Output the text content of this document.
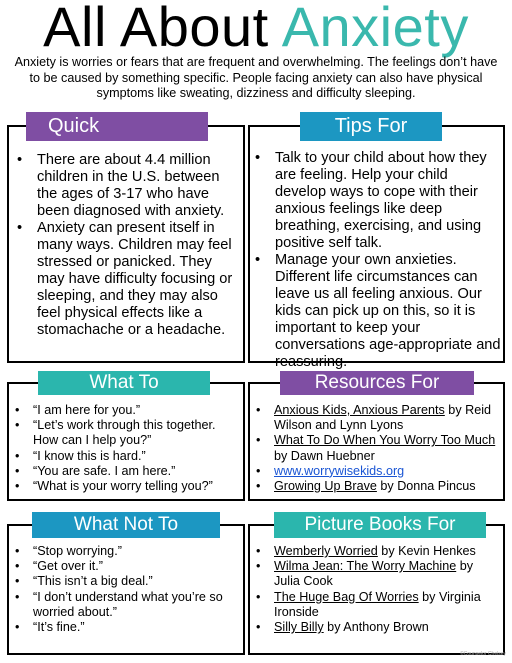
All About Anxiety
Anxiety is worries or fears that are frequent and overwhelming. The feelings don’t have to be caused by something specific. People facing anxiety can also have physical symptoms like sweating, dizziness and difficulty sleeping.
Quick
• There are about 4.4 million children in the U.S. between the ages of 3-17 who have been diagnosed with anxiety.
• Anxiety can present itself in many ways. Children may feel stressed or panicked. They may have difficulty focusing or sleeping, and they may also feel physical effects like a stomachache or a headache.
Tips For
• Talk to your child about how they are feeling. Help your child develop ways to cope with their anxious feelings like deep breathing, exercising, and using positive self talk.
• Manage your own anxieties. Different life circumstances can leave us all feeling anxious. Our kids can pick up on this, so it is important to keep your conversations age-appropriate and reassuring.
What To
• “I am here for you.”
• “Let’s work through this together. How can I help you?”
• “I know this is hard.”
• “You are safe. I am here.”
• “What is your worry telling you?”
Resources For
• Anxious Kids, Anxious Parents by Reid Wilson and Lynn Lyons
• What To Do When You Worry Too Much by Dawn Huebner
• www.worrywisekids.org
• Growing Up Brave by Donna Pincus
What Not To
• “Stop worrying.”
• “Get over it.”
• “This isn’t a big deal.”
• “I don’t understand what you’re so worried about.”
• “It’s fine.”
Picture Books For
• Wemberly Worried by Kevin Henkes
• Wilma Jean: The Worry Machine by Julia Cook
• The Huge Bag Of Worries by Virginia Ironside
• Silly Billy by Anthony Brown
©Counselor Chelsey
